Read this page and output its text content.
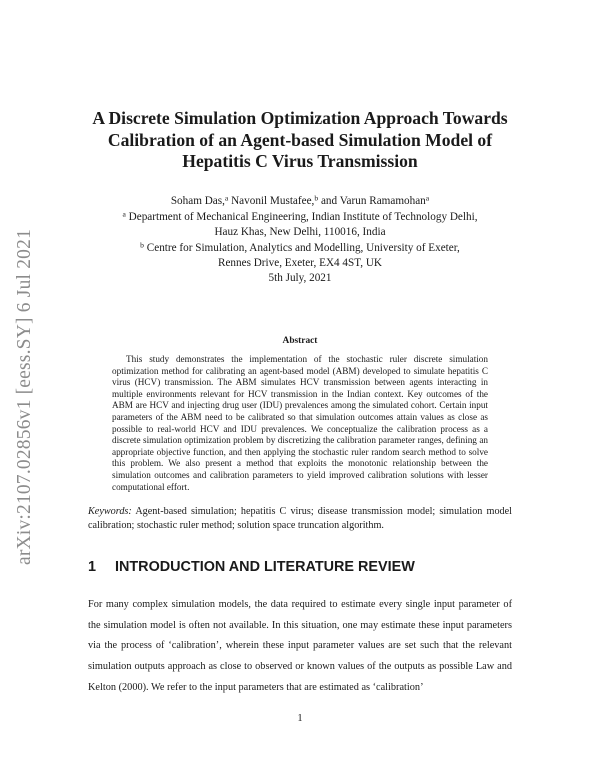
arXiv:2107.02856v1 [eess.SY] 6 Jul 2021
A Discrete Simulation Optimization Approach Towards
Calibration of an Agent-based Simulation Model of
Hepatitis C Virus Transmission
Soham Das,$^a$ Navonil Mustafee,$^b$ and Varun Ramamohan$^a$
$^a$ Department of Mechanical Engineering, Indian Institute of Technology Delhi,
Hauz Khas, New Delhi, 110016, India
$^b$ Centre for Simulation, Analytics and Modelling, University of Exeter,
Rennes Drive, Exeter, EX4 4ST, UK
5th July, 2021
Abstract
This study demonstrates the implementation of the stochastic ruler discrete simulation optimization method for calibrating an agent-based model (ABM) developed to simulate hepatitis C virus (HCV) transmission. The ABM simulates HCV transmission between agents interacting in multiple environments relevant for HCV transmission in the Indian context. Key outcomes of the ABM are HCV and injecting drug user (IDU) prevalences among the simulated cohort. Certain input parameters of the ABM need to be calibrated so that simulation outcomes attain values as close as possible to real-world HCV and IDU prevalences. We conceptualize the calibration process as a discrete simulation optimization problem by discretizing the calibration parameter ranges, defining an appropriate objective function, and then applying the stochastic ruler random search method to solve this problem. We also present a method that exploits the monotonic relationship between the simulation outcomes and calibration parameters to yield improved calibration solutions with lesser computational effort.
Keywords: Agent-based simulation; hepatitis C virus; disease transmission model; simulation model calibration; stochastic ruler method; solution space truncation algorithm.
1 INTRODUCTION AND LITERATURE REVIEW
For many complex simulation models, the data required to estimate every single input parameter of the simulation model is often not available. In this situation, one may estimate these input parameters via the process of ‘calibration’, wherein these input parameter values are set such that the relevant simulation outputs approach as close to observed or known values of the outputs as possible Law and Kelton (2000). We refer to the input parameters that are estimated as ‘calibration’
1
